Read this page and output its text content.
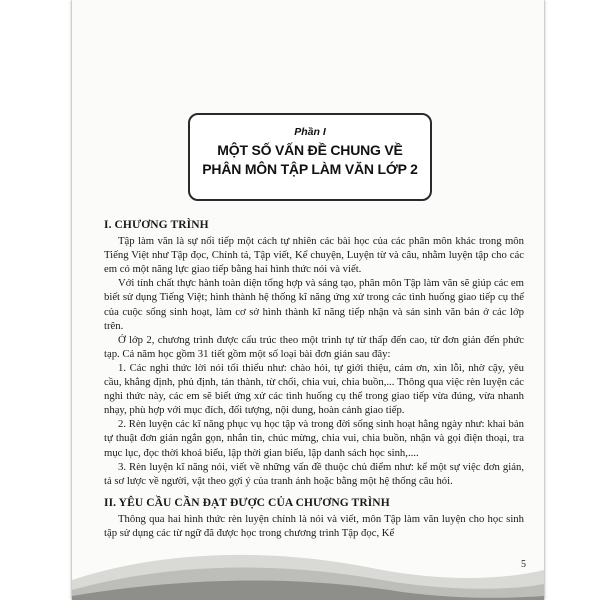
Phần I
MỘT SỐ VẤN ĐỀ CHUNG VỀ
PHÂN MÔN TẬP LÀM VĂN LỚP 2
I. CHƯƠNG TRÌNH

Tập làm văn là sự nối tiếp một cách tự nhiên các bài học của các phân môn khác trong môn Tiếng Việt như Tập đọc, Chính tả, Tập viết, Kể chuyện, Luyện từ và câu, nhằm luyện tập cho các em có một năng lực giao tiếp bằng hai hình thức nói và viết.

Với tính chất thực hành toàn diện tổng hợp và sáng tạo, phân môn Tập làm văn sẽ giúp các em biết sử dụng Tiếng Việt; hình thành hệ thống kĩ năng ứng xử trong các tình huống giao tiếp cụ thể của cuộc sống sinh hoạt, làm cơ sở hình thành kĩ năng tiếp nhận và sản sinh văn bản ở các lớp trên.

Ở lớp 2, chương trình được cấu trúc theo một trình tự từ thấp đến cao, từ đơn giản đến phức tạp. Cả năm học gồm 31 tiết gồm một số loại bài đơn giản sau đây:

1. Các nghi thức lời nói tối thiểu như: chào hỏi, tự giới thiệu, cảm ơn, xin lỗi, nhờ cậy, yêu cầu, khẳng định, phủ định, tán thành, từ chối, chia vui, chia buồn,... Thông qua việc rèn luyện các nghi thức này, các em sẽ biết ứng xử các tình huống cụ thể trong giao tiếp vừa đúng, vừa nhanh nhạy, phù hợp với mục đích, đối tượng, nội dung, hoàn cảnh giao tiếp.

2. Rèn luyện các kĩ năng phục vụ học tập và trong đời sống sinh hoạt hằng ngày như: khai bản tự thuật đơn giản ngắn gọn, nhắn tin, chúc mừng, chia vui, chia buồn, nhận và gọi điện thoại, tra mục lục, đọc thời khoá biểu, lập thời gian biểu, lập danh sách học sinh,....

3. Rèn luyện kĩ năng nói, viết về những vấn đề thuộc chủ điểm như: kể một sự việc đơn giản, tả sơ lược về người, vật theo gợi ý của tranh ảnh hoặc bằng một hệ thống câu hỏi.

II. YÊU CẦU CẦN ĐẠT ĐƯỢC CỦA CHƯƠNG TRÌNH

Thông qua hai hình thức rèn luyện chính là nói và viết, môn Tập làm văn luyện cho học sinh tập sử dụng các từ ngữ đã được học trong chương trình Tập đọc, Kể

5
